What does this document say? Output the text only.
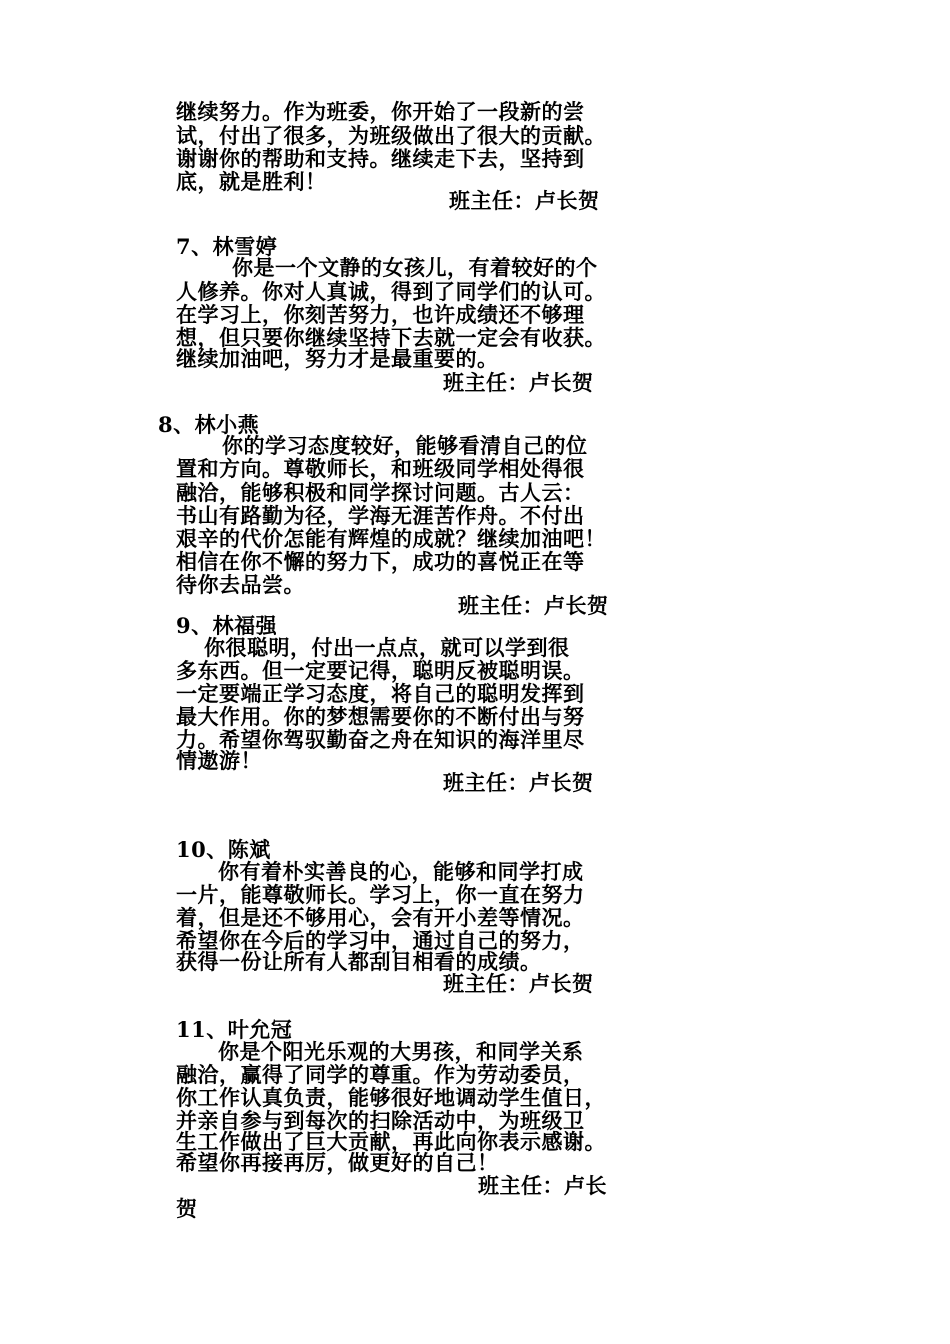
继续努力。作为班委，你开始了一段新的尝
试，付出了很多，为班级做出了很大的贡献。
谢谢你的帮助和支持。继续走下去，坚持到
底，就是胜利！
班主任：卢长贺
7、林雪婷
你是一个文静的女孩儿，有着较好的个
人修养。你对人真诚，得到了同学们的认可。
在学习上，你刻苦努力，也许成绩还不够理
想，但只要你继续坚持下去就一定会有收获。
继续加油吧，努力才是最重要的。
班主任：卢长贺
8、林小燕
你的学习态度较好，能够看清自己的位
置和方向。尊敬师长，和班级同学相处得很
融洽，能够积极和同学探讨问题。古人云：
书山有路勤为径，学海无涯苦作舟。不付出
艰辛的代价怎能有辉煌的成就？继续加油吧！
相信在你不懈的努力下，成功的喜悦正在等
待你去品尝。
班主任：卢长贺
9、林福强
你很聪明，付出一点点，就可以学到很
多东西。但一定要记得，聪明反被聪明误。
一定要端正学习态度，将自己的聪明发挥到
最大作用。你的梦想需要你的不断付出与努
力。希望你驾驭勤奋之舟在知识的海洋里尽
情遨游！
班主任：卢长贺
10、陈斌
你有着朴实善良的心，能够和同学打成
一片，能尊敬师长。学习上，你一直在努力
着，但是还不够用心，会有开小差等情况。
希望你在今后的学习中，通过自己的努力，
获得一份让所有人都刮目相看的成绩。
班主任：卢长贺
11、叶允冠
你是个阳光乐观的大男孩，和同学关系
融洽，赢得了同学的尊重。作为劳动委员，
你工作认真负责，能够很好地调动学生值日，
并亲自参与到每次的扫除活动中，为班级卫
生工作做出了巨大贡献，再此向你表示感谢。
希望你再接再厉，做更好的自己！
班主任：卢长
贺
